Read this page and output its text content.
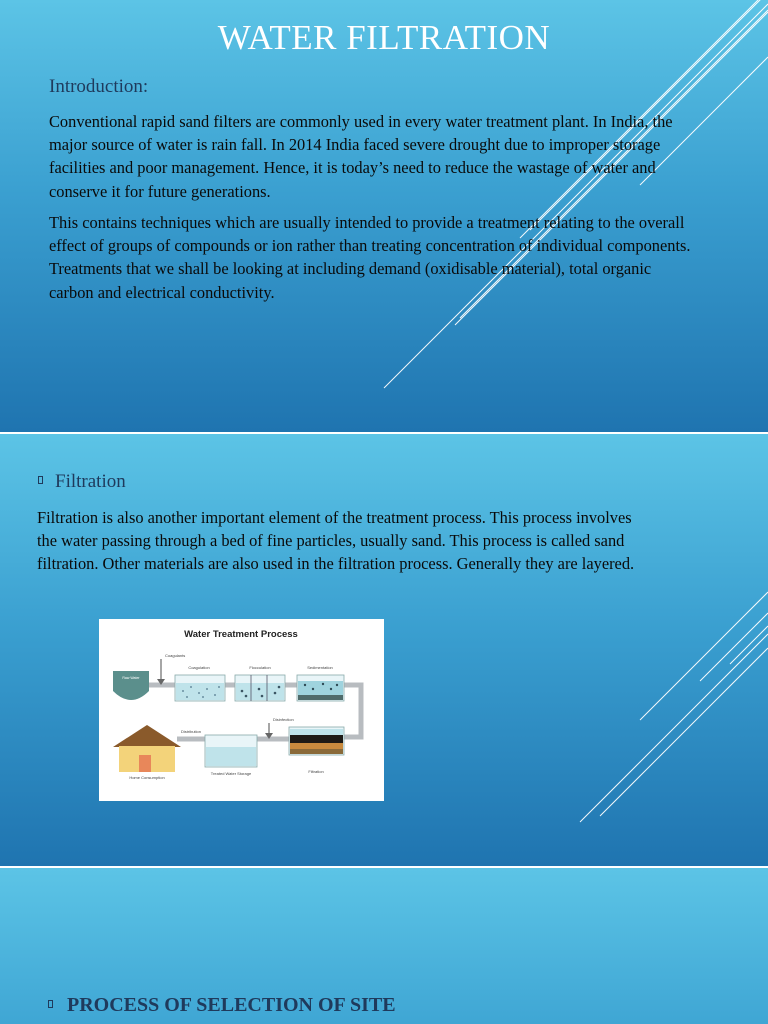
WATER FILTRATION
Introduction:
Conventional rapid sand filters are commonly used in every water treatment plant. In India, the major source of water is rain fall. In 2014 India faced severe drought due to improper storage facilities and poor management. Hence, it is today’s need to reduce the wastage of water and conserve it for future generations.
This contains techniques which are usually intended to provide a treatment relating to the overall effect of groups of compounds or ion rather than treating concentration of individual components. Treatments that we shall be looking at including demand (oxidisable material), total organic carbon and electrical conductivity.
Filtration
Filtration is also another important element of the treatment process. This process involves the water passing through a bed of fine particles, usually sand. This process is called sand filtration. Other materials are also used in the filtration process. Generally they are layered.
Water Treatment Process
Coagulants
Raw Water
Coagulation	Flocculation	Sedimentation
Filtration
Disinfection
Treated Water Storage
Distribution
Home Consumption
PROCESS OF SELECTION OF SITE
